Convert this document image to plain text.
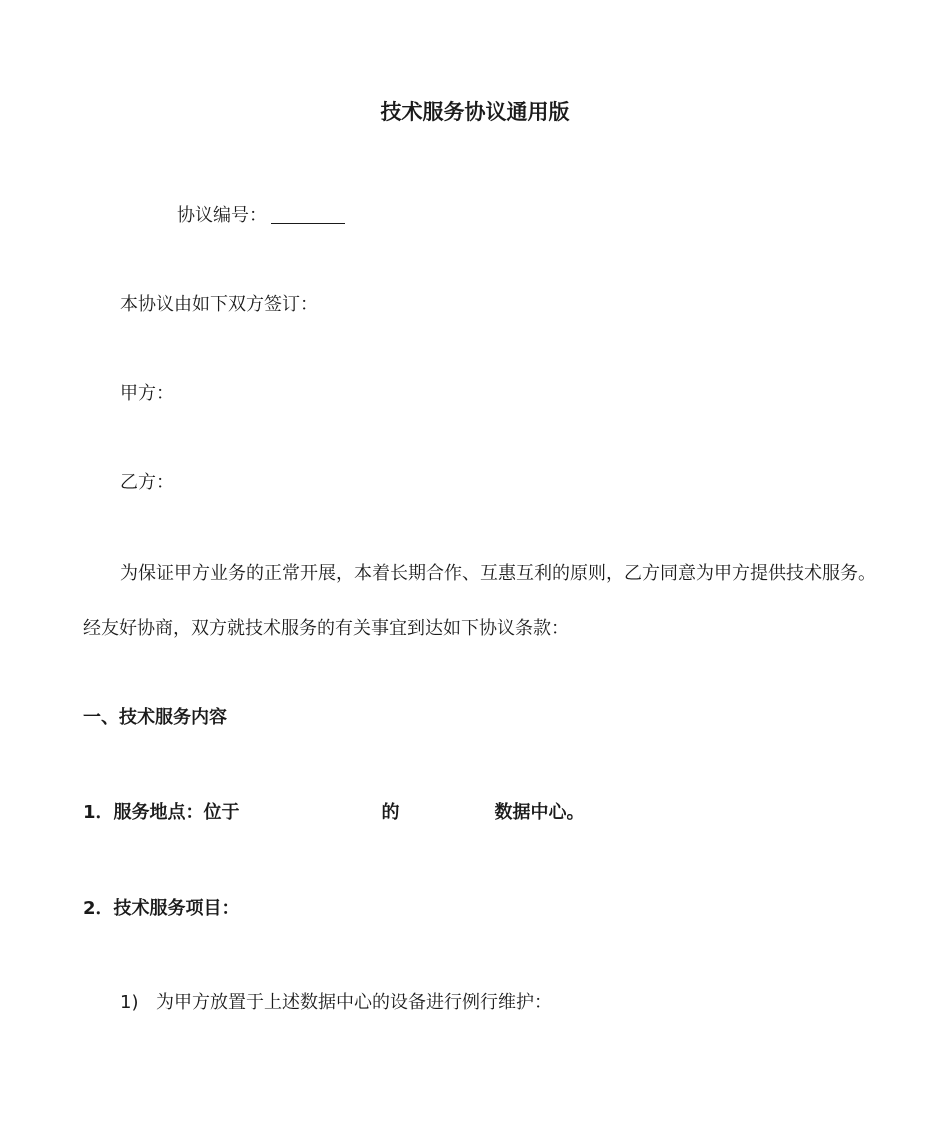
技术服务协议通用版
协议编号：
本协议由如下双方签订：
甲方：
乙方：
为保证甲方业务的正常开展，本着长期合作、互惠互利的原则，乙方同意为甲方提供技术服务。
经友好协商，双方就技术服务的有关事宜到达如下协议条款：
一、技术服务内容
1．服务地点：位于	的	数据中心。
2．技术服务项目：
1) 为甲方放置于上述数据中心的设备进行例行维护：
